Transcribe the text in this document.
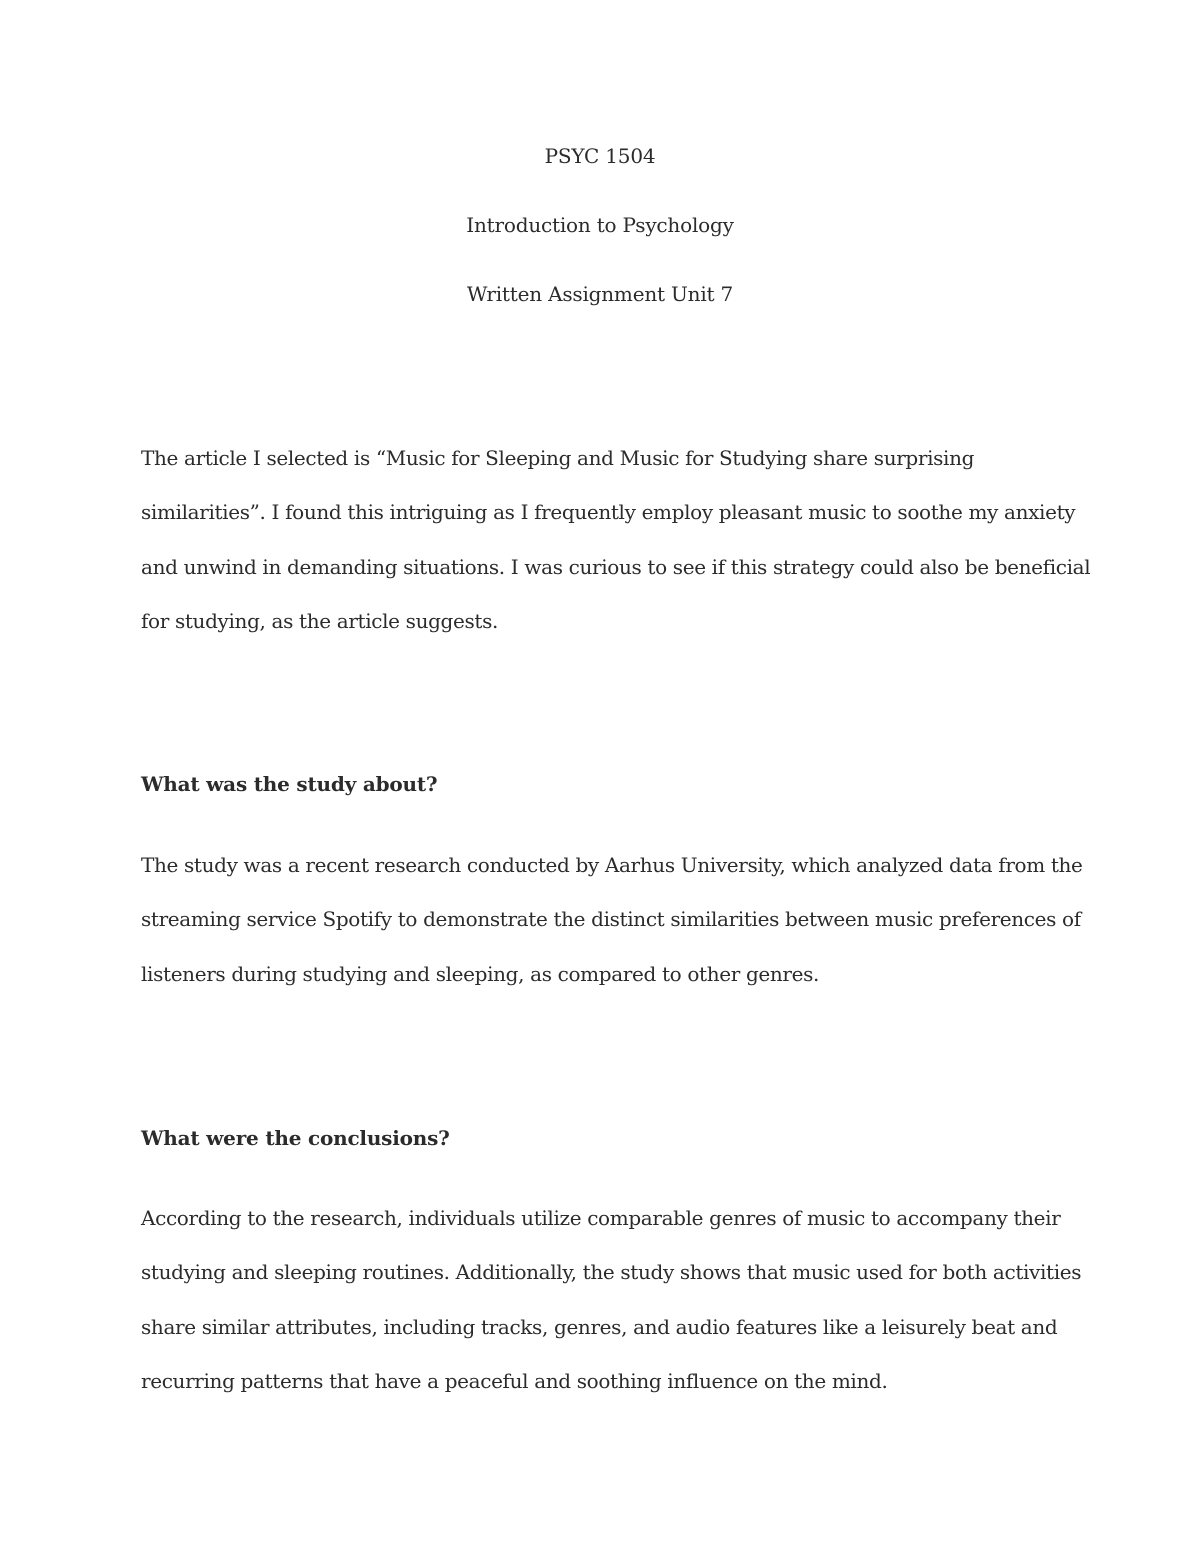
PSYC 1504
Introduction to Psychology
Written Assignment Unit 7
The article I selected is “Music for Sleeping and Music for Studying share surprising
similarities”. I found this intriguing as I frequently employ pleasant music to soothe my anxiety
and unwind in demanding situations. I was curious to see if this strategy could also be beneficial
for studying, as the article suggests.
What was the study about?
The study was a recent research conducted by Aarhus University, which analyzed data from the
streaming service Spotify to demonstrate the distinct similarities between music preferences of
listeners during studying and sleeping, as compared to other genres.
What were the conclusions?
According to the research, individuals utilize comparable genres of music to accompany their
studying and sleeping routines. Additionally, the study shows that music used for both activities
share similar attributes, including tracks, genres, and audio features like a leisurely beat and
recurring patterns that have a peaceful and soothing influence on the mind.
